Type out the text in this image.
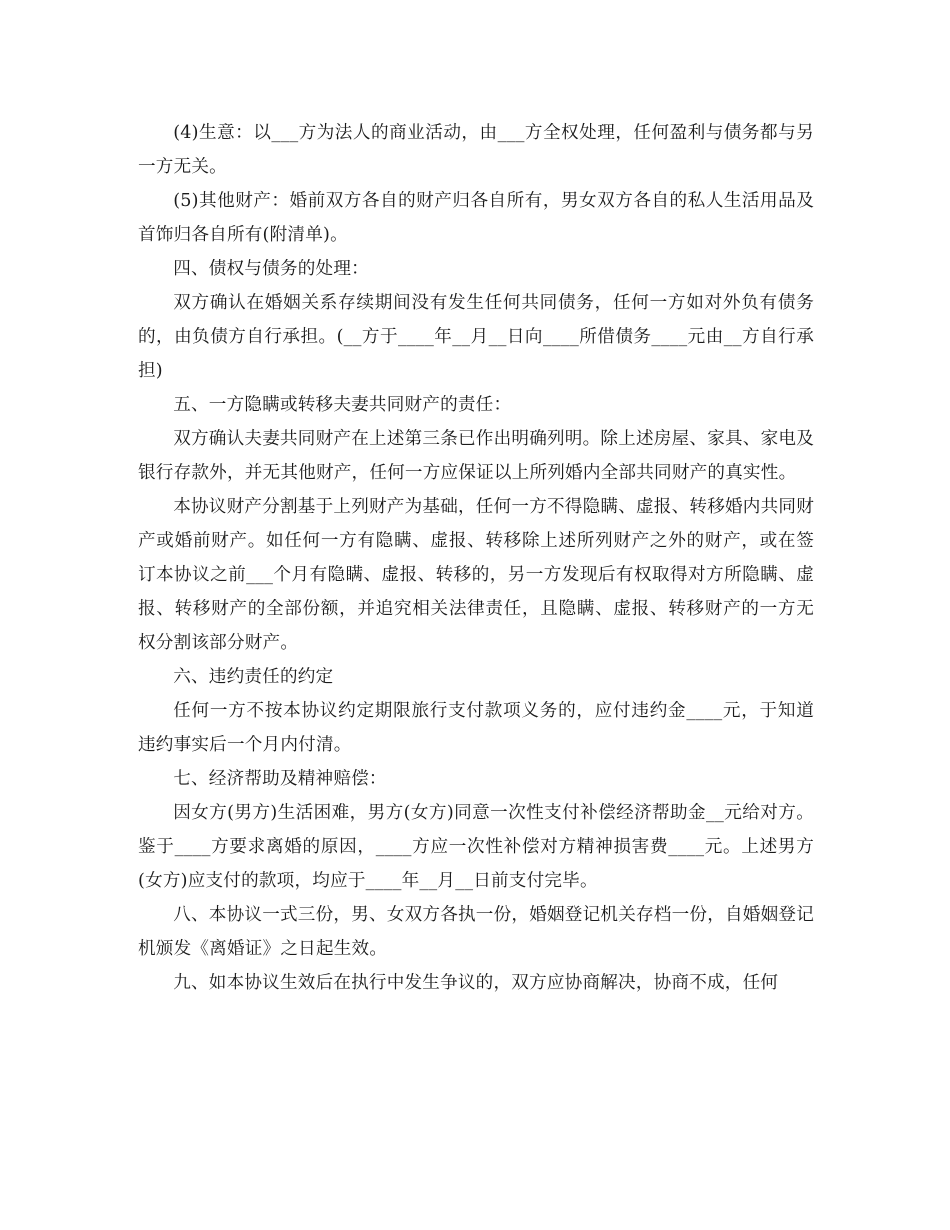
(4)生意：以___方为法人的商业活动，由___方全权处理，任何盈利与债务都与另一方无关。

(5)其他财产：婚前双方各自的财产归各自所有，男女双方各自的私人生活用品及首饰归各自所有(附清单)。

四、债权与债务的处理：

双方确认在婚姻关系存续期间没有发生任何共同债务，任何一方如对外负有债务的，由负债方自行承担。(__方于____年__月__日向____所借债务____元由__方自行承担)

五、一方隐瞒或转移夫妻共同财产的责任：

双方确认夫妻共同财产在上述第三条已作出明确列明。除上述房屋、家具、家电及银行存款外，并无其他财产，任何一方应保证以上所列婚内全部共同财产的真实性。

本协议财产分割基于上列财产为基础，任何一方不得隐瞒、虚报、转移婚内共同财产或婚前财产。如任何一方有隐瞒、虚报、转移除上述所列财产之外的财产，或在签订本协议之前___个月有隐瞒、虚报、转移的，另一方发现后有权取得对方所隐瞒、虚报、转移财产的全部份额，并追究相关法律责任，且隐瞒、虚报、转移财产的一方无权分割该部分财产。

六、违约责任的约定

任何一方不按本协议约定期限旅行支付款项义务的，应付违约金____元，于知道违约事实后一个月内付清。

七、经济帮助及精神赔偿：

因女方(男方)生活困难，男方(女方)同意一次性支付补偿经济帮助金__元给对方。鉴于____方要求离婚的原因，____方应一次性补偿对方精神损害费____元。上述男方(女方)应支付的款项，均应于____年__月__日前支付完毕。

八、本协议一式三份，男、女双方各执一份，婚姻登记机关存档一份，自婚姻登记机颁发《离婚证》之日起生效。

九、如本协议生效后在执行中发生争议的，双方应协商解决，协商不成，任何
